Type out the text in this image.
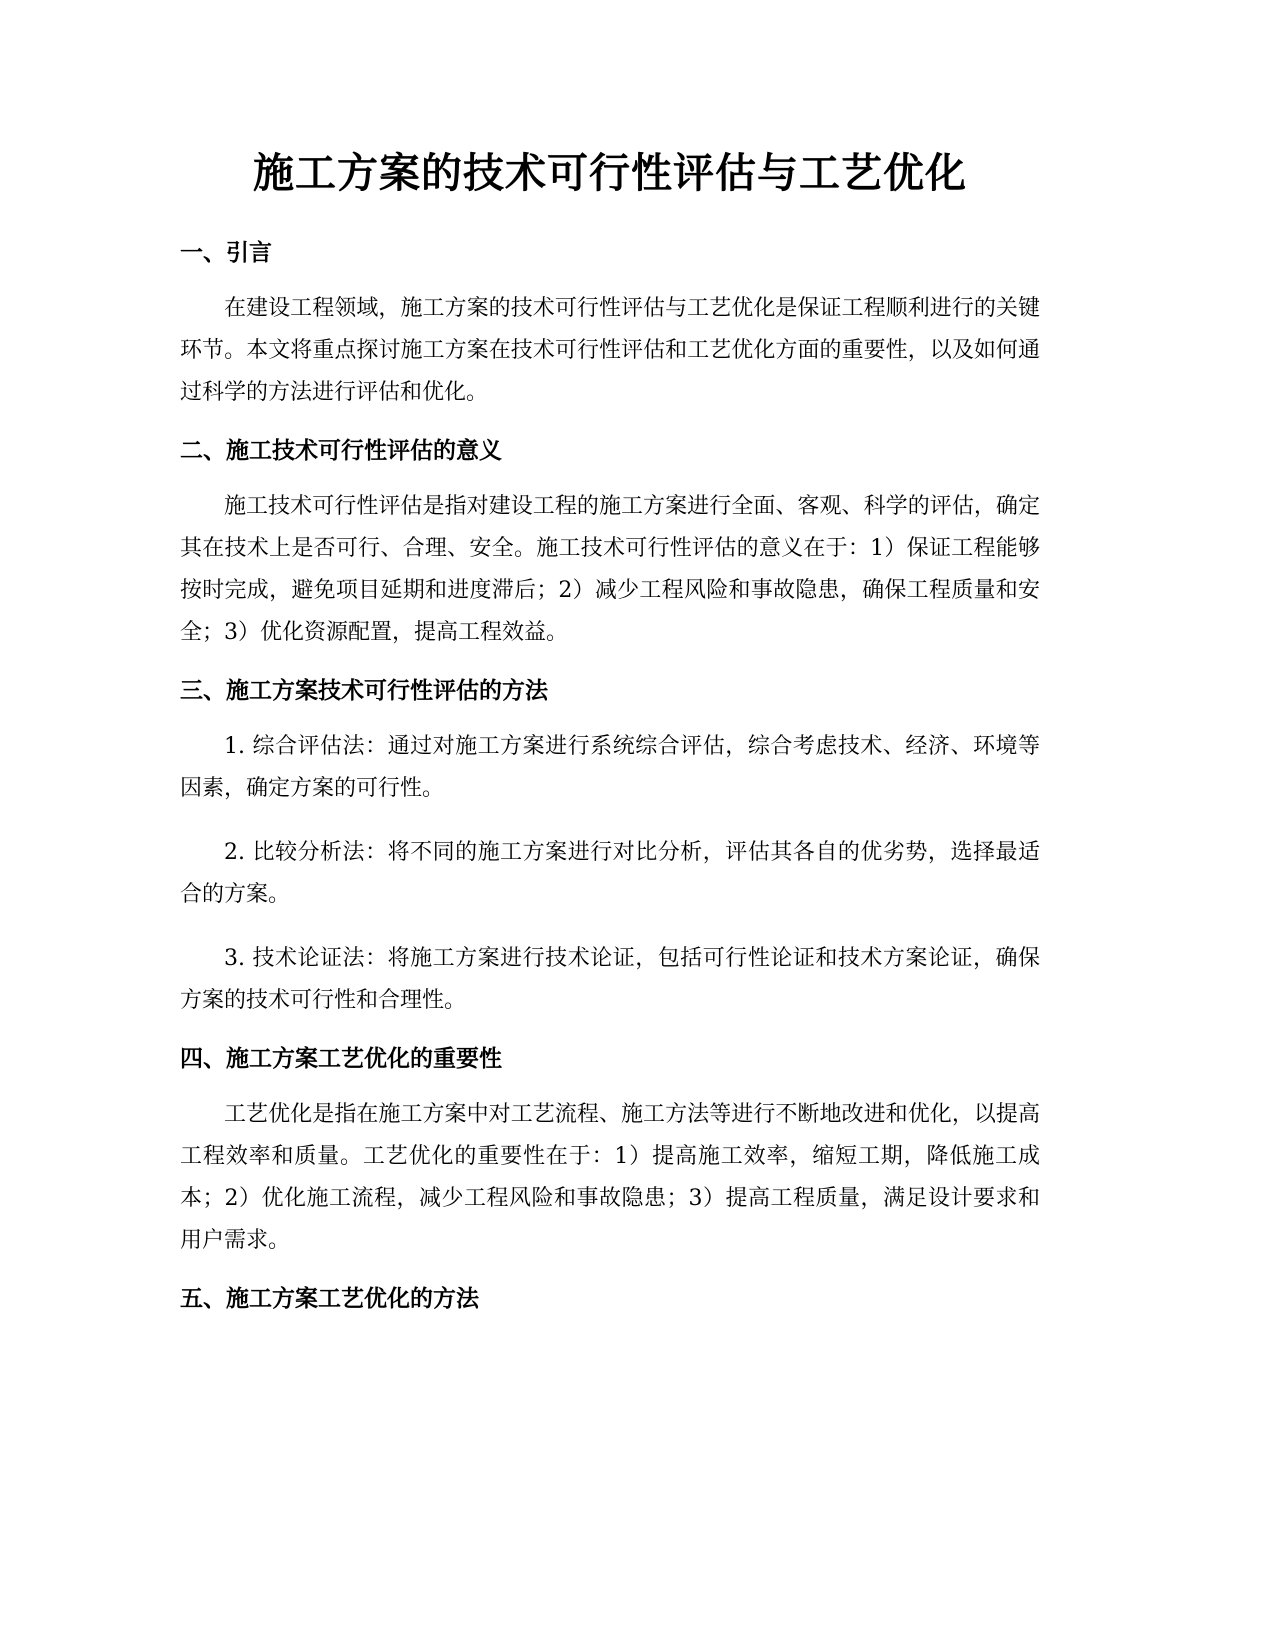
施工方案的技术可行性评估与工艺优化
一、引言

在建设工程领域，施工方案的技术可行性评估与工艺优化是保证工程顺利进行的关键环节。本文将重点探讨施工方案在技术可行性评估和工艺优化方面的重要性，以及如何通过科学的方法进行评估和优化。

二、施工技术可行性评估的意义

施工技术可行性评估是指对建设工程的施工方案进行全面、客观、科学的评估，确定其在技术上是否可行、合理、安全。施工技术可行性评估的意义在于：1）保证工程能够按时完成，避免项目延期和进度滞后；2）减少工程风险和事故隐患，确保工程质量和安全；3）优化资源配置，提高工程效益。

三、施工方案技术可行性评估的方法

1. 综合评估法：通过对施工方案进行系统综合评估，综合考虑技术、经济、环境等因素，确定方案的可行性。

2. 比较分析法：将不同的施工方案进行对比分析，评估其各自的优劣势，选择最适合的方案。

3. 技术论证法：将施工方案进行技术论证，包括可行性论证和技术方案论证，确保方案的技术可行性和合理性。

四、施工方案工艺优化的重要性

工艺优化是指在施工方案中对工艺流程、施工方法等进行不断地改进和优化，以提高工程效率和质量。工艺优化的重要性在于：1）提高施工效率，缩短工期，降低施工成本；2）优化施工流程，减少工程风险和事故隐患；3）提高工程质量，满足设计要求和用户需求。

五、施工方案工艺优化的方法
